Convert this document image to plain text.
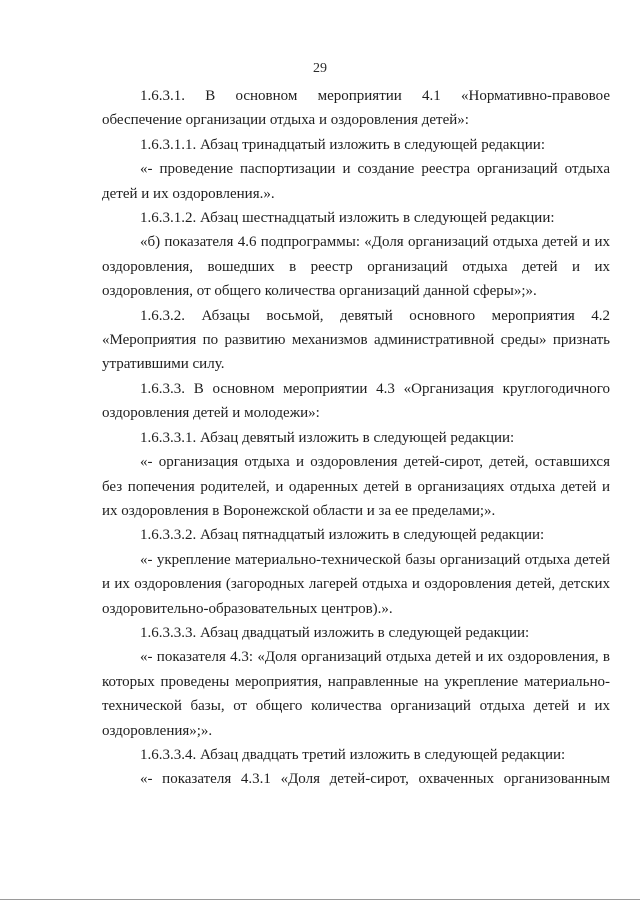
29

1.6.3.1. В основном мероприятии 4.1 «Нормативно-правовое обеспечение организации отдыха и оздоровления детей»:

1.6.3.1.1. Абзац тринадцатый изложить в следующей редакции:

«- проведение паспортизации и создание реестра организаций отдыха детей и их оздоровления.».

1.6.3.1.2. Абзац шестнадцатый изложить в следующей редакции:

«б) показателя 4.6 подпрограммы: «Доля организаций отдыха детей и их оздоровления, вошедших в реестр организаций отдыха детей и их оздоровления, от общего количества организаций данной сферы»;».

1.6.3.2. Абзацы восьмой, девятый основного мероприятия 4.2 «Мероприятия по развитию механизмов административной среды» признать утратившими силу.

1.6.3.3. В основном мероприятии 4.3 «Организация круглогодичного оздоровления детей и молодежи»:

1.6.3.3.1. Абзац девятый изложить в следующей редакции:

«- организация отдыха и оздоровления детей-сирот, детей, оставшихся без попечения родителей, и одаренных детей в организациях отдыха детей и их оздоровления в Воронежской области и за ее пределами;».

1.6.3.3.2. Абзац пятнадцатый изложить в следующей редакции:

«- укрепление материально-технической базы организаций отдыха детей и их оздоровления (загородных лагерей отдыха и оздоровления детей, детских оздоровительно-образовательных центров).».

1.6.3.3.3. Абзац двадцатый изложить в следующей редакции:

«- показателя 4.3: «Доля организаций отдыха детей и их оздоровления, в которых проведены мероприятия, направленные на укрепление материально-технической базы, от общего количества организаций отдыха детей и их оздоровления»;».

1.6.3.3.4. Абзац двадцать третий изложить в следующей редакции:

«- показателя 4.3.1 «Доля детей-сирот, охваченных организованным
